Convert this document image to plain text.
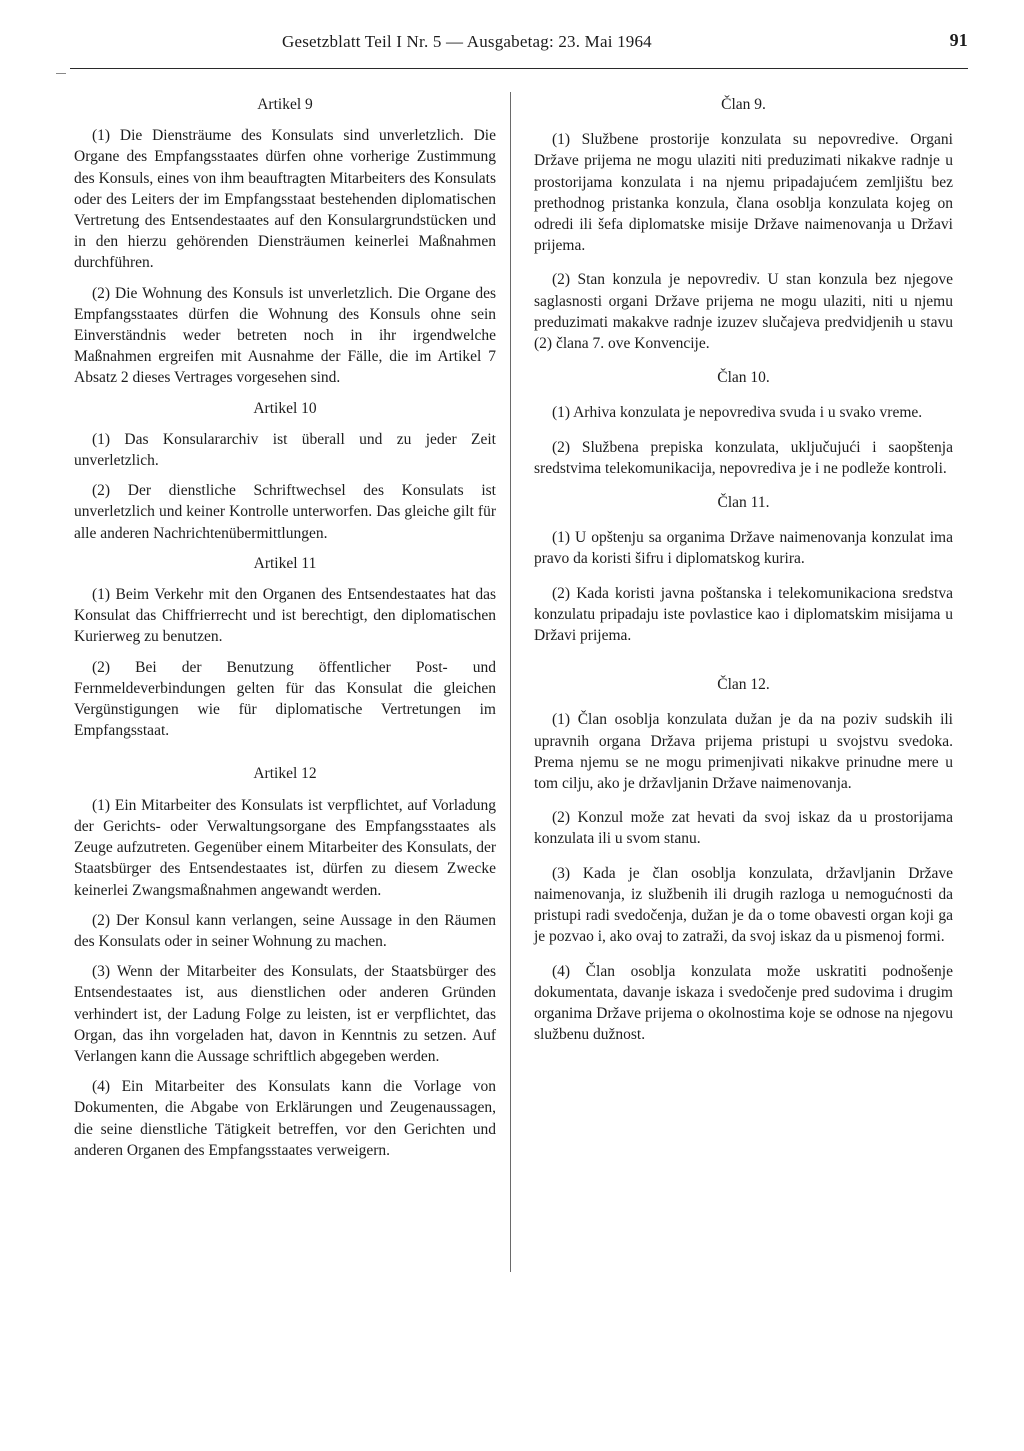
Gesetzblatt Teil I Nr. 5 — Ausgabetag: 23. Mai 1964	91
Artikel 9

(1) Die Diensträume des Konsulats sind unverletzlich. Die Organe des Empfangsstaates dürfen ohne vorherige Zustimmung des Konsuls, eines von ihm beauftragten Mitarbeiters des Konsulats oder des Leiters der im Empfangsstaat bestehenden diplomatischen Vertretung des Entsendestaates auf den Konsulargrundstücken und in den hierzu gehörenden Diensträumen keinerlei Maßnahmen durchführen.

(2) Die Wohnung des Konsuls ist unverletzlich. Die Organe des Empfangsstaates dürfen die Wohnung des Konsuls ohne sein Einverständnis weder betreten noch in ihr irgendwelche Maßnahmen ergreifen mit Ausnahme der Fälle, die im Artikel 7 Absatz 2 dieses Vertrages vorgesehen sind.

Artikel 10

(1) Das Konsulararchiv ist überall und zu jeder Zeit unverletzlich.

(2) Der dienstliche Schriftwechsel des Konsulats ist unverletzlich und keiner Kontrolle unterworfen. Das gleiche gilt für alle anderen Nachrichtenübermittlungen.

Artikel 11

(1) Beim Verkehr mit den Organen des Entsendestaates hat das Konsulat das Chiffrierrecht und ist berechtigt, den diplomatischen Kurierweg zu benutzen.

(2) Bei der Benutzung öffentlicher Post- und Fernmeldeverbindungen gelten für das Konsulat die gleichen Vergünstigungen wie für diplomatische Vertretungen im Empfangsstaat.

Artikel 12

(1) Ein Mitarbeiter des Konsulats ist verpflichtet, auf Vorladung der Gerichts- oder Verwaltungsorgane des Empfangsstaates als Zeuge aufzutreten. Gegenüber einem Mitarbeiter des Konsulats, der Staatsbürger des Entsendestaates ist, dürfen zu diesem Zwecke keinerlei Zwangsmaßnahmen angewandt werden.

(2) Der Konsul kann verlangen, seine Aussage in den Räumen des Konsulats oder in seiner Wohnung zu machen.

(3) Wenn der Mitarbeiter des Konsulats, der Staatsbürger des Entsendestaates ist, aus dienstlichen oder anderen Gründen verhindert ist, der Ladung Folge zu leisten, ist er verpflichtet, das Organ, das ihn vorgeladen hat, davon in Kenntnis zu setzen. Auf Verlangen kann die Aussage schriftlich abgegeben werden.

(4) Ein Mitarbeiter des Konsulats kann die Vorlage von Dokumenten, die Abgabe von Erklärungen und Zeugenaussagen, die seine dienstliche Tätigkeit betreffen, vor den Gerichten und anderen Organen des Empfangsstaates verweigern.

Član 9.

(1) Službene prostorije konzulata su nepovredive. Organi Države prijema ne mogu ulaziti niti preduzimati nikakve radnje u prostorijama konzulata i na njemu pripadajućem zemljištu bez prethodnog pristanka konzula, člana osoblja konzulata kojeg on odredi ili šefa diplomatske misije Države naimenovanja u Državi prijema.

(2) Stan konzula je nepovrediv. U stan konzula bez njegove saglasnosti organi Države prijema ne mogu ulaziti, niti u njemu preduzimati makakve radnje izuzev slučajeva predvidjenih u stavu (2) člana 7. ove Konvencije.

Član 10.

(1) Arhiva konzulata je nepovrediva svuda i u svako vreme.

(2) Službena prepiska konzulata, uključujući i saopštenja sredstvima telekomunikacija, nepovrediva je i ne podleže kontroli.

Član 11.

(1) U opštenju sa organima Države naimenovanja konzulat ima pravo da koristi šifru i diplomatskog kurira.

(2) Kada koristi javna poštanska i telekomunikaciona sredstva konzulatu pripadaju iste povlastice kao i diplomatskim misijama u Državi prijema.

Član 12.

(1) Član osoblja konzulata dužan je da na poziv sudskih ili upravnih organa Država prijema pristupi u svojstvu svedoka. Prema njemu se ne mogu primenjivati nikakve prinudne mere u tom cilju, ako je državljanin Države naimenovanja.

(2) Konzul može zat hevati da svoj iskaz da u prostorijama konzulata ili u svom stanu.

(3) Kada je član osoblja konzulata, državljanin Države naimenovanja, iz službenih ili drugih razloga u nemogućnosti da pristupi radi svedočenja, dužan je da o tome obavesti organ koji ga je pozvao i, ako ovaj to zatraži, da svoj iskaz da u pismenoj formi.

(4) Član osoblja konzulata može uskratiti podnošenje dokumentata, davanje iskaza i svedočenje pred sudovima i drugim organima Države prijema o okolnostima koje se odnose na njegovu službenu dužnost.
